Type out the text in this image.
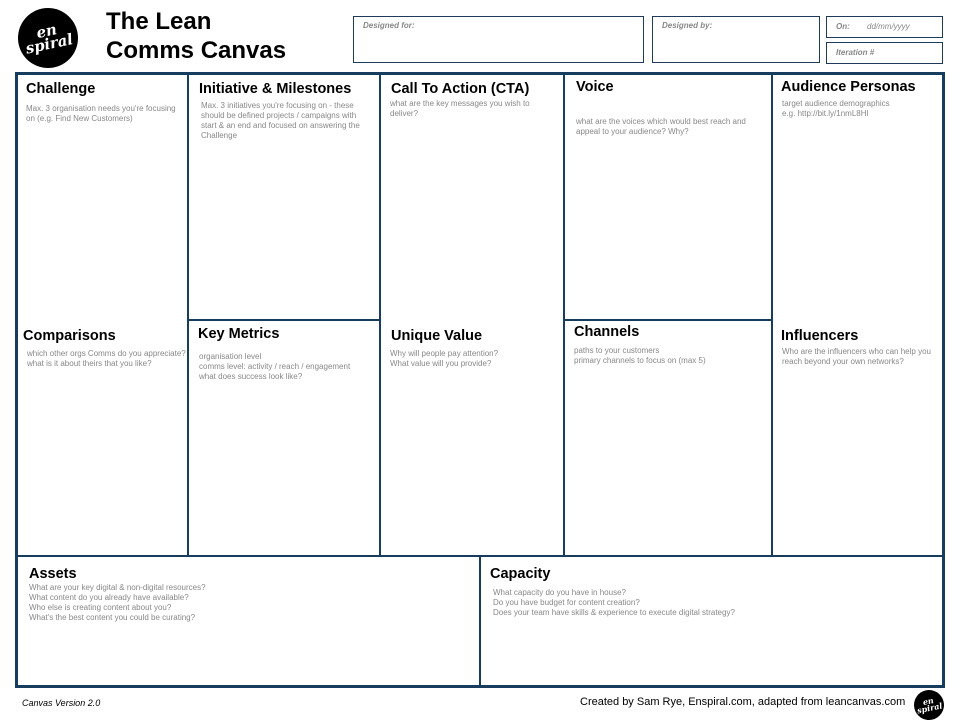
en spiral
The Lean
Comms Canvas
Designed for:	Designed by:	On: dd/mm/yyyy
Iteration #
Challenge
Max. 3 organisation needs you're focusing
on (e.g. Find New Customers)
Initiative & Milestones
Max. 3 initiatives you're focusing on - these
should be defined projects / campaigns with
start & an end and focused on answering the
Challenge
Call To Action (CTA)
what are the key messages you wish to
deliver?
Voice
what are the voices which would best reach and
appeal to your audience? Why?
Audience Personas
target audience demographics
e.g. http://bit.ly/1nmL8HI
Comparisons
which other orgs Comms do you appreciate?
what is it about theirs that you like?
Key Metrics
organisation level
comms level: activity / reach / engagement
what does success look like?
Unique Value
Why will people pay attention?
What value will you provide?
Channels
paths to your customers
primary channels to focus on (max 5)
Influencers
Who are the influencers who can help you
reach beyond your own networks?
Assets
What are your key digital & non-digital resources?
What content do you already have available?
Who else is creating content about you?
What's the best content you could be curating?
Capacity
What capacity do you have in house?
Do you have budget for content creation?
Does your team have skills & experience to execute digital strategy?
Canvas Version 2.0	Created by Sam Rye, Enspiral.com, adapted from leancanvas.com	en spiral
